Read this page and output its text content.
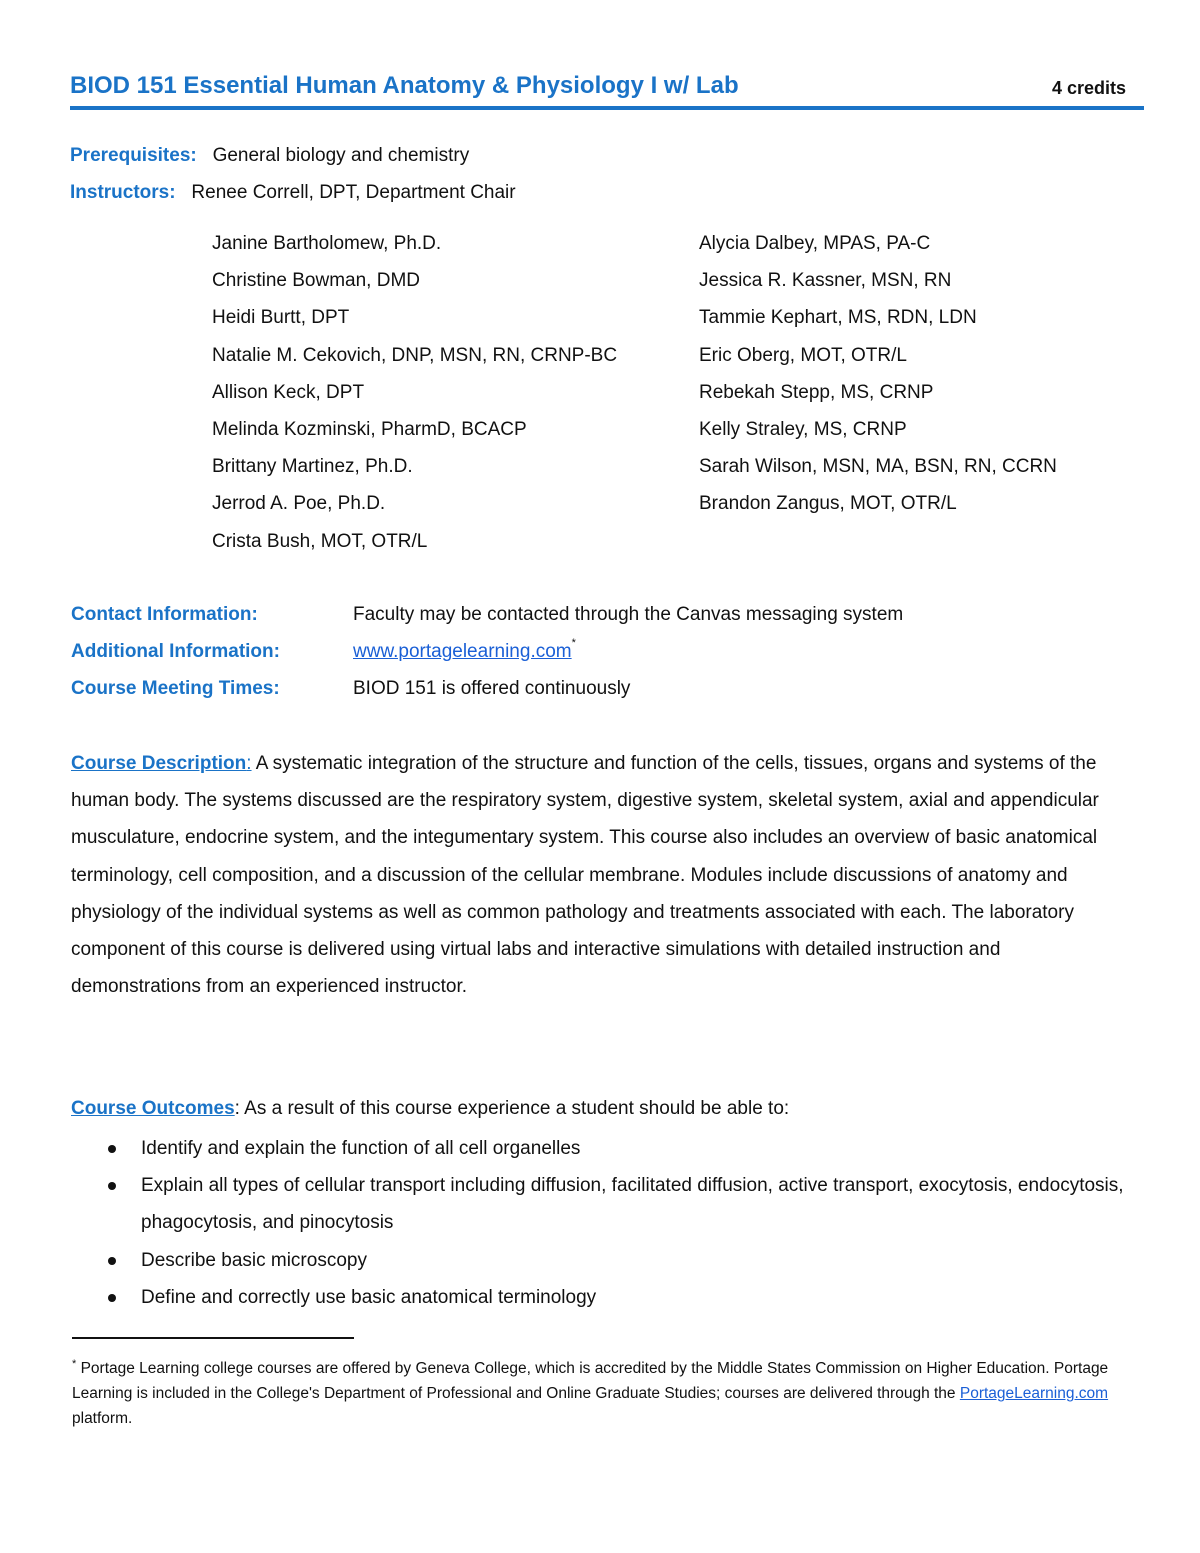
BIOD 151 Essential Human Anatomy & Physiology I w/ Lab	4 credits
Prerequisites: General biology and chemistry
Instructors: Renee Correll, DPT, Department Chair
Janine Bartholomew, Ph.D.
Christine Bowman, DMD
Heidi Burtt, DPT
Natalie M. Cekovich, DNP, MSN, RN, CRNP-BC
Allison Keck, DPT
Melinda Kozminski, PharmD, BCACP
Brittany Martinez, Ph.D.
Jerrod A. Poe, Ph.D.
Crista Bush, MOT, OTR/L
Alycia Dalbey, MPAS, PA-C
Jessica R. Kassner, MSN, RN
Tammie Kephart, MS, RDN, LDN
Eric Oberg, MOT, OTR/L
Rebekah Stepp, MS, CRNP
Kelly Straley, MS, CRNP
Sarah Wilson, MSN, MA, BSN, RN, CCRN
Brandon Zangus, MOT, OTR/L
Contact Information:	Faculty may be contacted through the Canvas messaging system
Additional Information:	www.portagelearning.com*
Course Meeting Times:	BIOD 151 is offered continuously
Course Description: A systematic integration of the structure and function of the cells, tissues, organs and systems of the human body. The systems discussed are the respiratory system, digestive system, skeletal system, axial and appendicular musculature, endocrine system, and the integumentary system. This course also includes an overview of basic anatomical terminology, cell composition, and a discussion of the cellular membrane. Modules include discussions of anatomy and physiology of the individual systems as well as common pathology and treatments associated with each. The laboratory component of this course is delivered using virtual labs and interactive simulations with detailed instruction and demonstrations from an experienced instructor.
Course Outcomes: As a result of this course experience a student should be able to:
Identify and explain the function of all cell organelles
Explain all types of cellular transport including diffusion, facilitated diffusion, active transport, exocytosis, endocytosis, phagocytosis, and pinocytosis
Describe basic microscopy
Define and correctly use basic anatomical terminology
* Portage Learning college courses are offered by Geneva College, which is accredited by the Middle States Commission on Higher Education. Portage Learning is included in the College's Department of Professional and Online Graduate Studies; courses are delivered through the PortageLearning.com platform.
